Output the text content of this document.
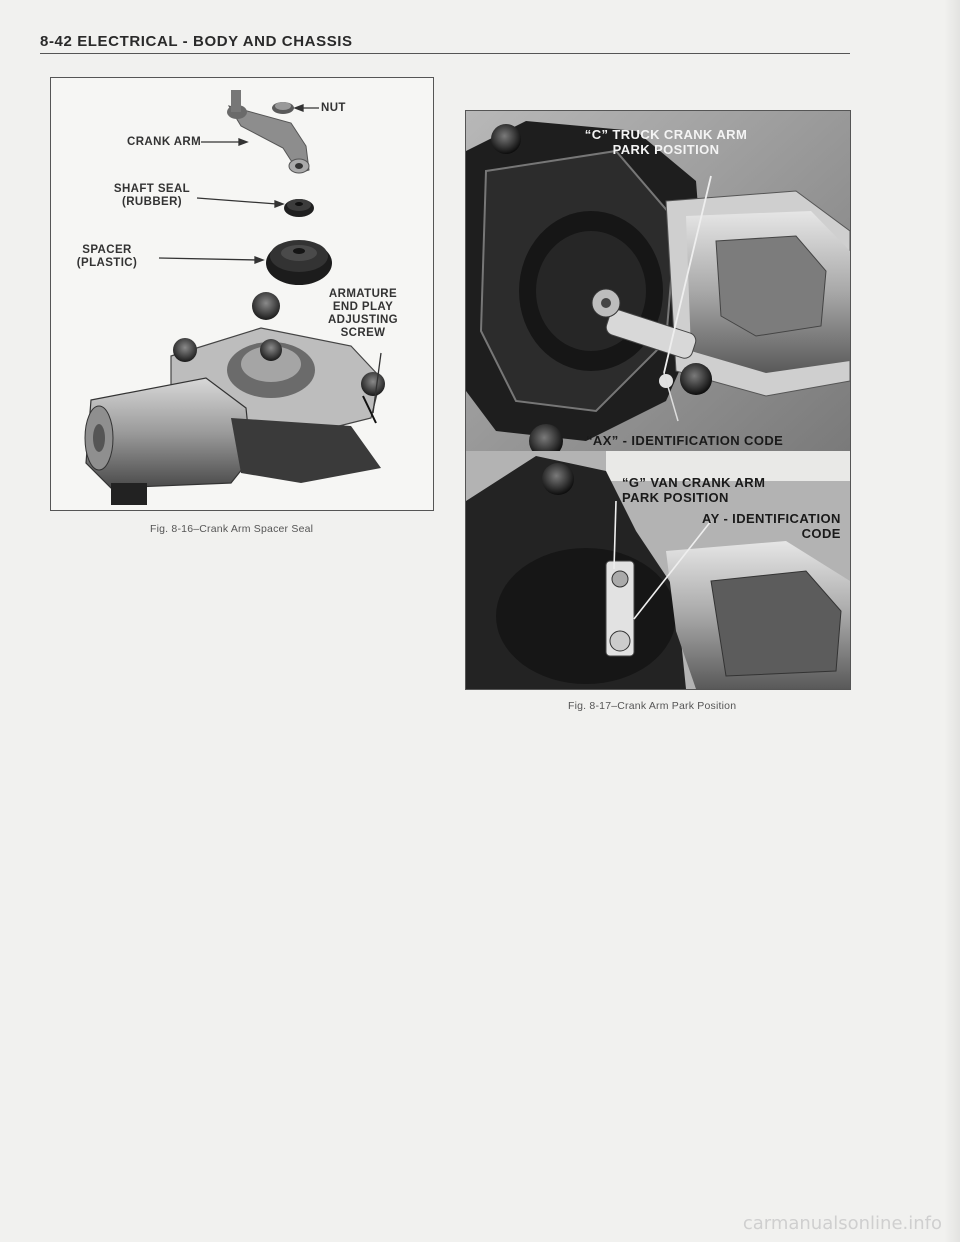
8-42 ELECTRICAL - BODY AND CHASSIS
NUT
CRANK ARM
SHAFT SEAL
(RUBBER)
SPACER
(PLASTIC)
ARMATURE
END PLAY
ADJUSTING
SCREW
Fig. 8-16–Crank Arm Spacer Seal
“C” TRUCK CRANK ARM
PARK POSITION
“AX” - IDENTIFICATION CODE
“G” VAN CRANK ARM
PARK POSITION
AY - IDENTIFICATION
CODE
Fig. 8-17–Crank Arm Park Position
carmanualsonline.info
